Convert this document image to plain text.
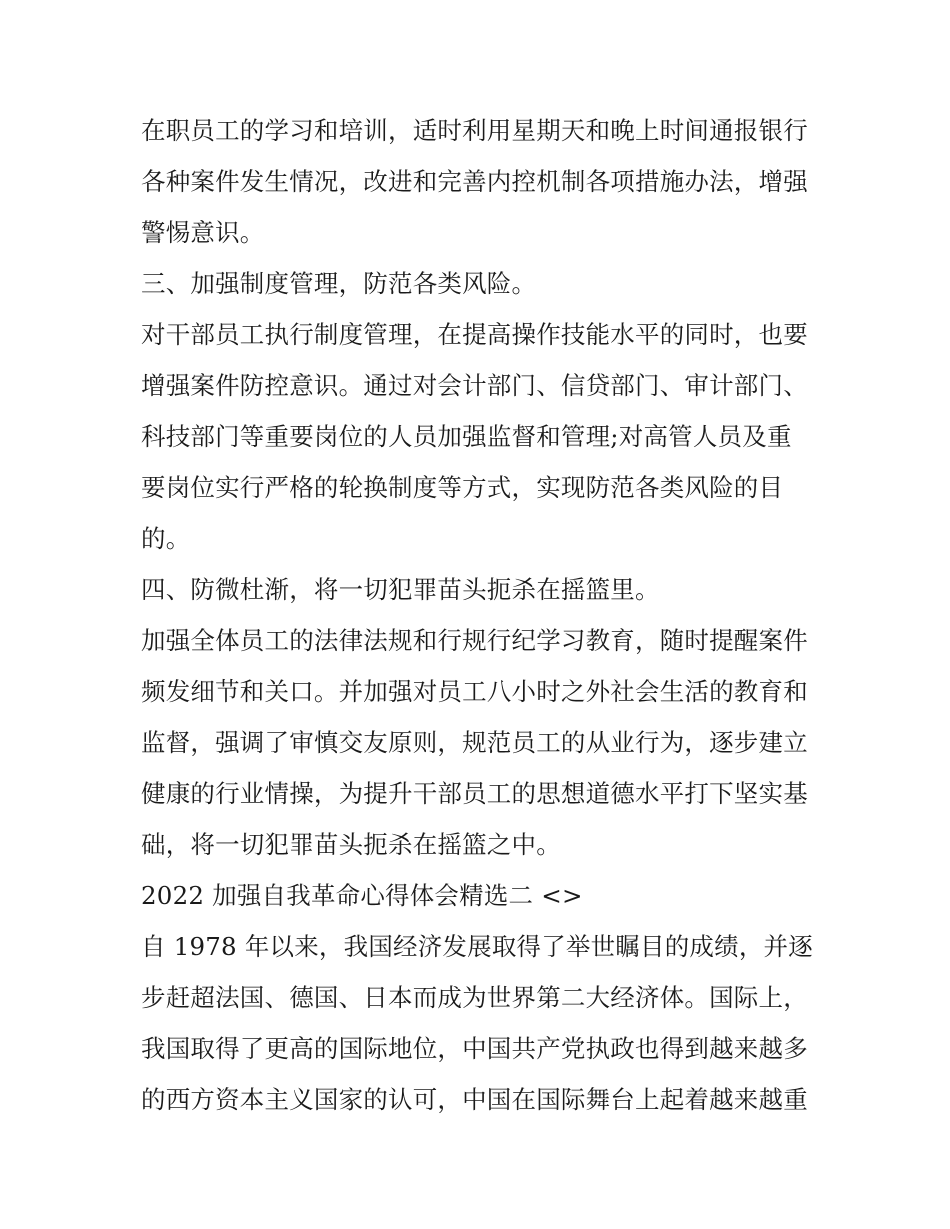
在职员工的学习和培训，适时利用星期天和晚上时间通报银行
各种案件发生情况，改进和完善内控机制各项措施办法，增强
警惕意识。
三、加强制度管理，防范各类风险。
对干部员工执行制度管理，在提高操作技能水平的同时，也要
增强案件防控意识。通过对会计部门、信贷部门、审计部门、
科技部门等重要岗位的人员加强监督和管理;对高管人员及重
要岗位实行严格的轮换制度等方式，实现防范各类风险的目
的。
四、防微杜渐，将一切犯罪苗头扼杀在摇篮里。
加强全体员工的法律法规和行规行纪学习教育，随时提醒案件
频发细节和关口。并加强对员工八小时之外社会生活的教育和
监督，强调了审慎交友原则，规范员工的从业行为，逐步建立
健康的行业情操，为提升干部员工的思想道德水平打下坚实基
础，将一切犯罪苗头扼杀在摇篮之中。
2022 加强自我革命心得体会精选二 <>
自 1978 年以来，我国经济发展取得了举世瞩目的成绩，并逐
步赶超法国、德国、日本而成为世界第二大经济体。国际上，
我国取得了更高的国际地位，中国共产党执政也得到越来越多
的西方资本主义国家的认可，中国在国际舞台上起着越来越重
